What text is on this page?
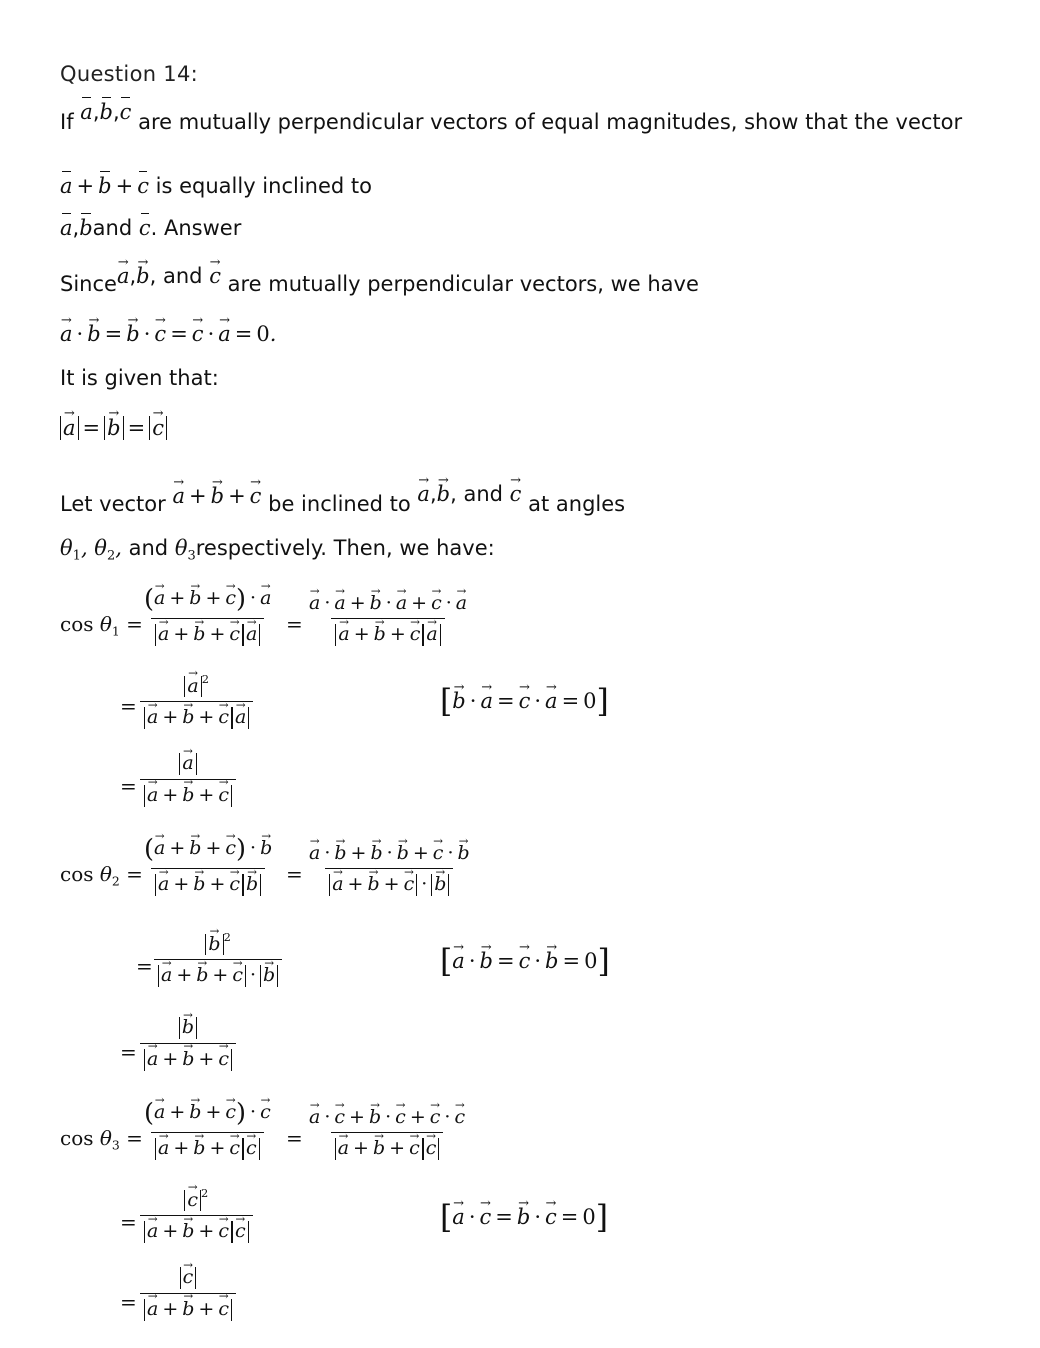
Question 14:
If a,b,c are mutually perpendicular vectors of equal magnitudes, show that the vector
a + b + c is equally inclined to
a,band c. Answer
Sincea →,b →, and c → are mutually perpendicular vectors, we have
a → · b → = b → · c → = c → · a → = 0.
It is given that:
a → = b → = c →
Let vector a → + b → + c → be inclined to a →,b →, and c → at angles
$\theta_1$, $\theta_2$, and $\theta_3respectively$. Then, we have:
$\cos \theta_1$ =
$\frac{(a \to + b \to + c \to) \cdot a \to}{a \to + b \to + c \to a}$ → = $\frac{a \to \cdot a \to + b \to \cdot a \to + c \to \cdot a \to}{a \to + b \to + c \to a}$ →
= $\frac{a \to ^2}{a \to + b \to + c \to a}$ →	[b → · a → = c → · a → = 0]
= $\frac{a \to}{a \to + b \to + c}$ →
$\cos \theta_2$ =
$\frac{(a \to + b \to + c \to) \cdot b \to}{a \to + b \to + c \to b}$ → = $\frac{a \to \cdot b \to + b \to \cdot b \to + c \to \cdot b \to}{a \to + b \to + c \to \cdot b}$ →
= $\frac{b \to ^2}{a \to + b \to + c \to \cdot b}$ →	[a → · b → = c → · b → = 0]
= $\frac{b \to}{a \to + b \to + c}$ →
$\cos \theta_3$ =
$\frac{(a \to + b \to + c \to) \cdot c \to}{a \to + b \to + c \to c}$ → = $\frac{a \to \cdot c \to + b \to \cdot c \to + c \to \cdot c \to}{a \to + b \to + c \to c}$ →
= $\frac{c \to ^2}{a \to + b \to + c \to c}$ →	[a → · c → = b → · c → = 0]
= $\frac{c \to}{a \to + b \to + c}$ →
